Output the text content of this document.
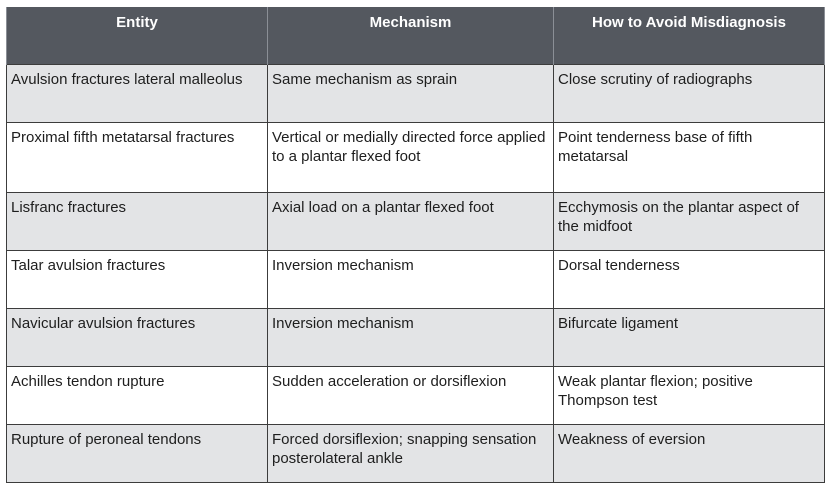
Entity	Mechanism	How to Avoid Misdiagnosis
Avulsion fractures lateral malleolus	Same mechanism as sprain	Close scrutiny of radiographs
Proximal fifth metatarsal fractures	Vertical or medially directed force applied to a plantar flexed foot	Point tenderness base of fifth metatarsal
Lisfranc fractures	Axial load on a plantar flexed foot	Ecchymosis on the plantar aspect of the midfoot
Talar avulsion fractures	Inversion mechanism	Dorsal tenderness
Navicular avulsion fractures	Inversion mechanism	Bifurcate ligament
Achilles tendon rupture	Sudden acceleration or dorsiflexion	Weak plantar flexion; positive Thompson test
Rupture of peroneal tendons	Forced dorsiflexion; snapping sensation posterolateral ankle	Weakness of eversion
